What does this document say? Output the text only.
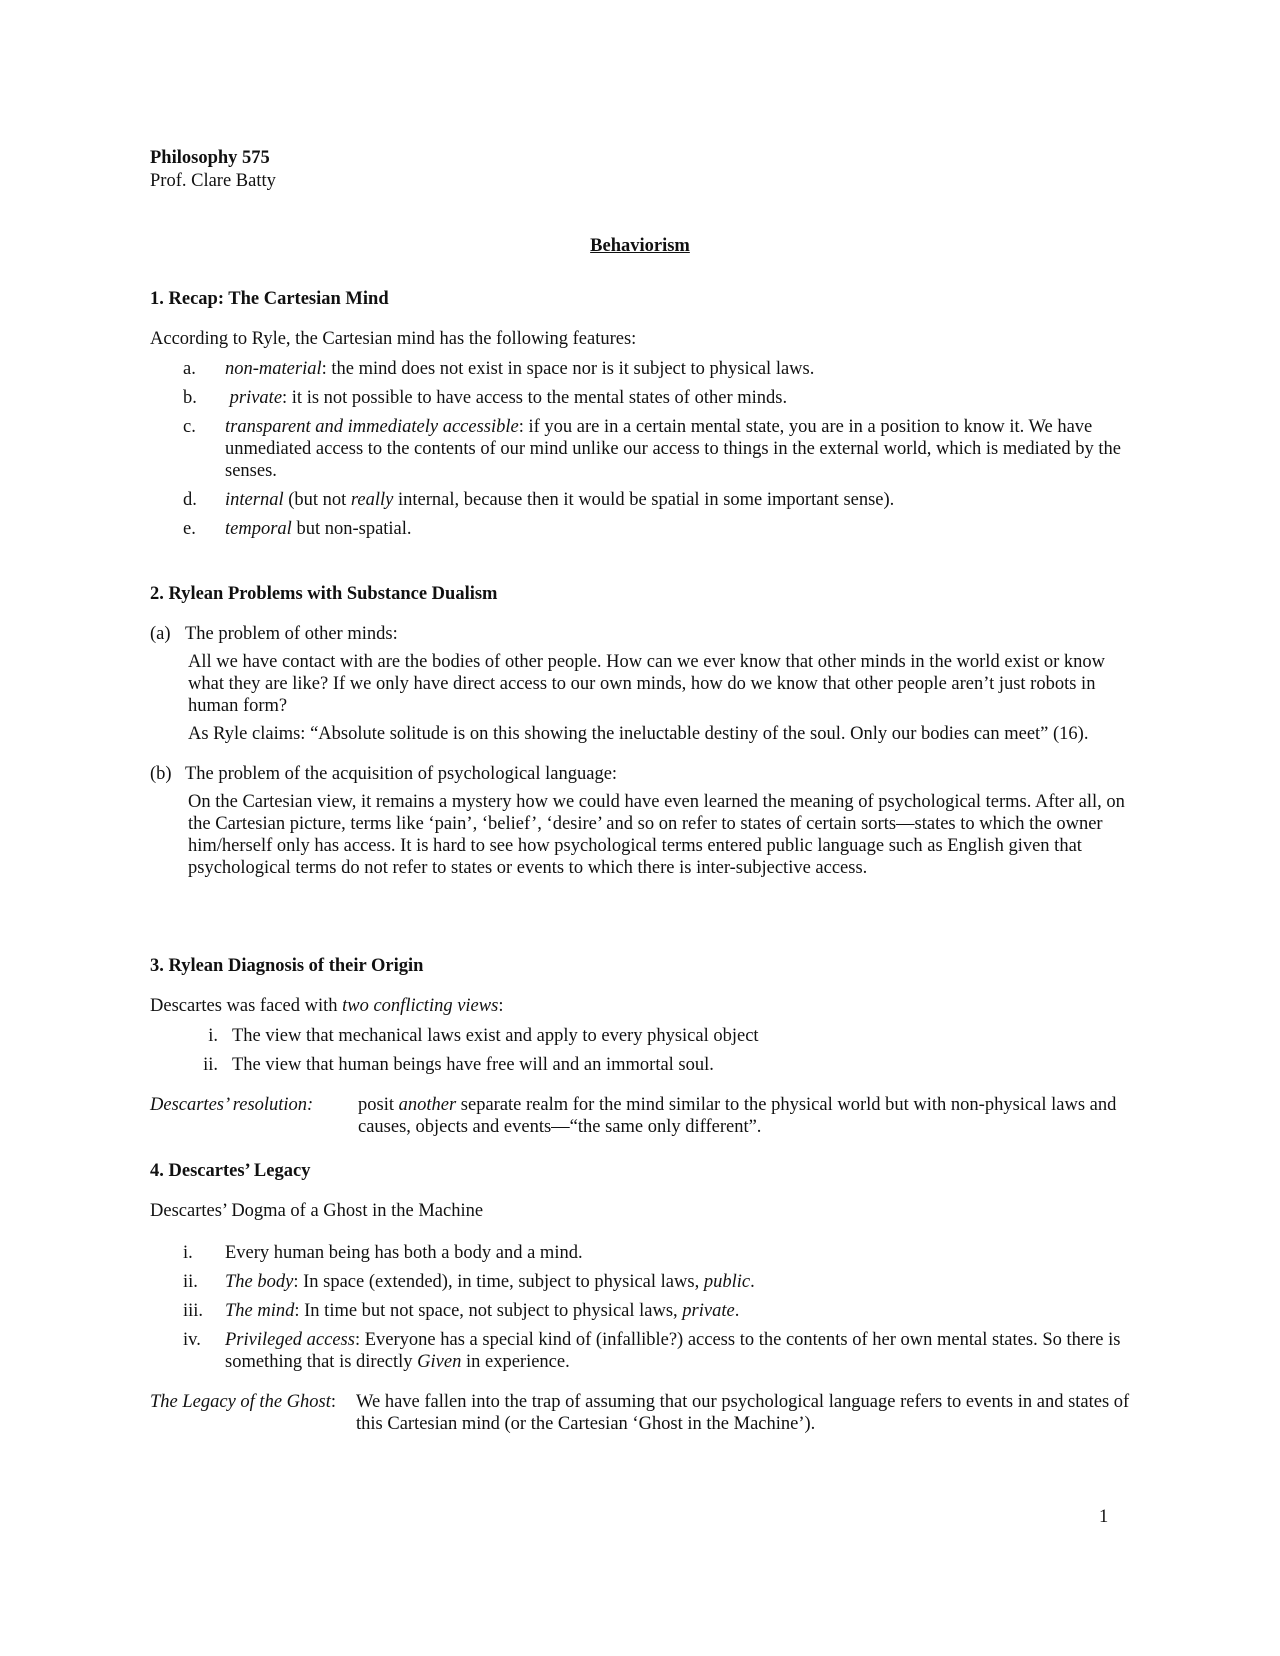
Philosophy 575
Prof. Clare Batty
Behaviorism
1. Recap: The Cartesian Mind
According to Ryle, the Cartesian mind has the following features:
a.	non-material: the mind does not exist in space nor is it subject to physical laws.
b.	private: it is not possible to have access to the mental states of other minds.
c.	transparent and immediately accessible: if you are in a certain mental state, you are in a position to know it. We have unmediated access to the contents of our mind unlike our access to things in the external world, which is mediated by the senses.
d.	internal (but not really internal, because then it would be spatial in some important sense).
e.	temporal but non-spatial.
2. Rylean Problems with Substance Dualism
(a) The problem of other minds:
All we have contact with are the bodies of other people. How can we ever know that other minds in the world exist or know what they are like? If we only have direct access to our own minds, how do we know that other people aren’t just robots in human form?
As Ryle claims: “Absolute solitude is on this showing the ineluctable destiny of the soul. Only our bodies can meet” (16).
(b) The problem of the acquisition of psychological language:
On the Cartesian view, it remains a mystery how we could have even learned the meaning of psychological terms. After all, on the Cartesian picture, terms like ‘pain’, ‘belief’, ‘desire’ and so on refer to states of certain sorts—states to which the owner him/herself only has access. It is hard to see how psychological terms entered public language such as English given that psychological terms do not refer to states or events to which there is inter-subjective access.
3. Rylean Diagnosis of their Origin
Descartes was faced with two conflicting views:
i. The view that mechanical laws exist and apply to every physical object
ii. The view that human beings have free will and an immortal soul.
Descartes’ resolution:	posit another separate realm for the mind similar to the physical world but with non-physical laws and causes, objects and events—“the same only different”.
4. Descartes’ Legacy
Descartes’ Dogma of a Ghost in the Machine
i.	Every human being has both a body and a mind.
ii.	The body: In space (extended), in time, subject to physical laws, public.
iii.	The mind: In time but not space, not subject to physical laws, private.
iv.	Privileged access: Everyone has a special kind of (infallible?) access to the contents of her own mental states. So there is something that is directly Given in experience.
The Legacy of the Ghost:	We have fallen into the trap of assuming that our psychological language refers to events in and states of this Cartesian mind (or the Cartesian ‘Ghost in the Machine’).
1
